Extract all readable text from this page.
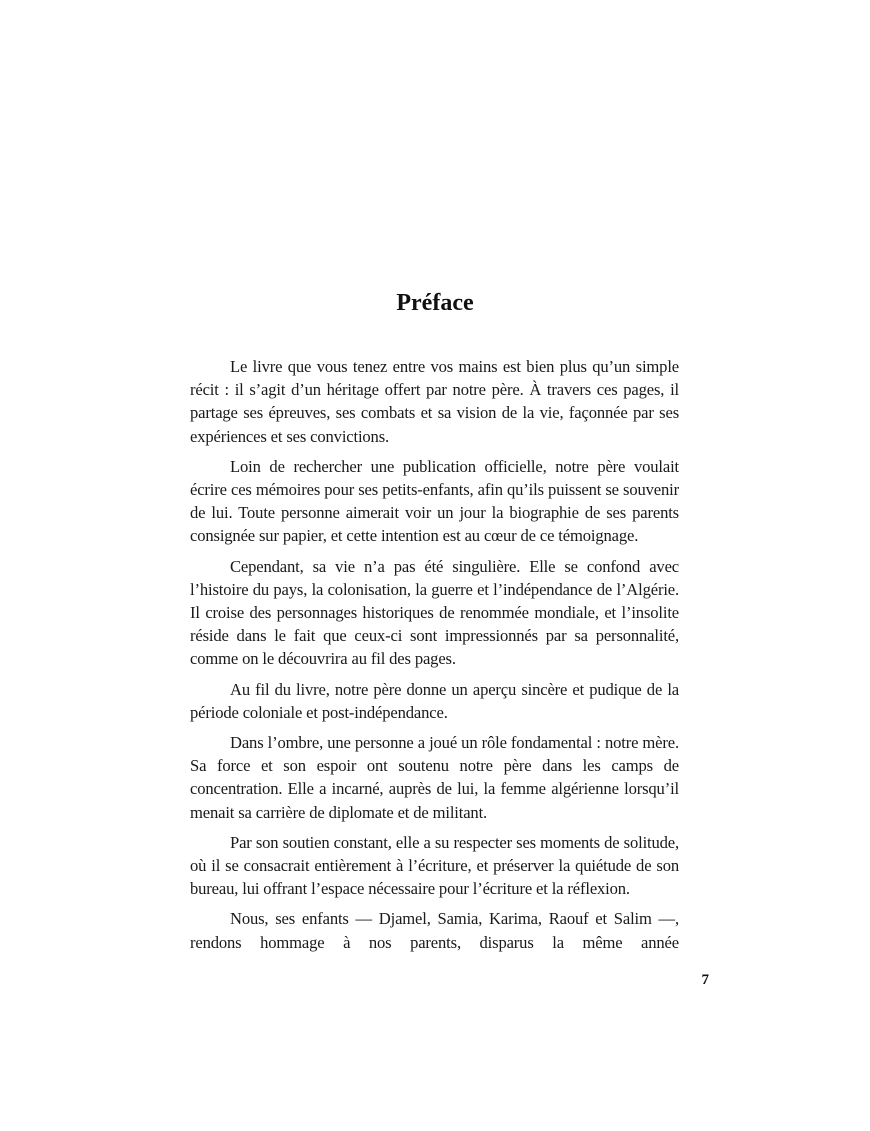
Préface

Le livre que vous tenez entre vos mains est bien plus qu’un simple récit : il s’agit d’un héritage offert par notre père. À travers ces pages, il partage ses épreuves, ses combats et sa vision de la vie, façonnée par ses expériences et ses convictions.

Loin de rechercher une publication officielle, notre père voulait écrire ces mémoires pour ses petits-enfants, afin qu’ils puissent se souvenir de lui. Toute personne aimerait voir un jour la biographie de ses parents consignée sur papier, et cette intention est au cœur de ce témoignage.

Cependant, sa vie n’a pas été singulière. Elle se confond avec l’histoire du pays, la colonisation, la guerre et l’indépendance de l’Algérie. Il croise des personnages historiques de renommée mondiale, et l’insolite réside dans le fait que ceux-ci sont impressionnés par sa personnalité, comme on le découvrira au fil des pages.

Au fil du livre, notre père donne un aperçu sincère et pudique de la période coloniale et post-indépendance.

Dans l’ombre, une personne a joué un rôle fondamental : notre mère. Sa force et son espoir ont soutenu notre père dans les camps de concentration. Elle a incarné, auprès de lui, la femme algérienne lorsqu’il menait sa carrière de diplomate et de militant.

Par son soutien constant, elle a su respecter ses moments de solitude, où il se consacrait entièrement à l’écriture, et préserver la quiétude de son bureau, lui offrant l’espace nécessaire pour l’écriture et la réflexion.

Nous, ses enfants — Djamel, Samia, Karima, Raouf et Salim —, rendons hommage à nos parents, disparus la même année

7
